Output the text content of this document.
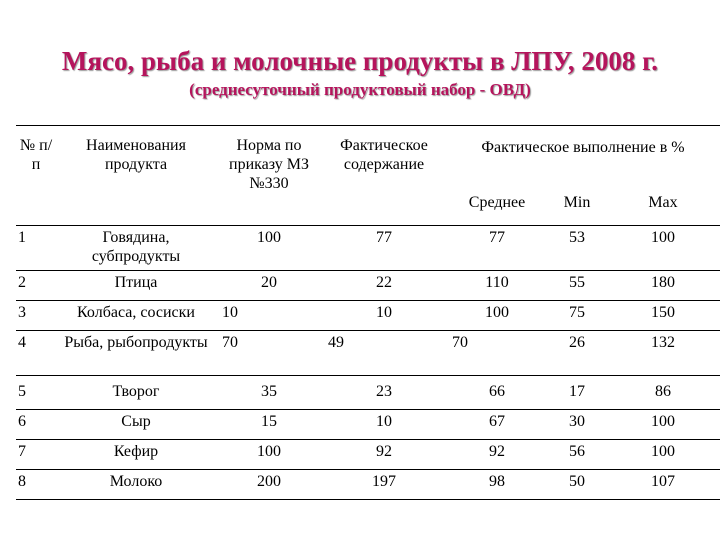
Мясо, рыба и молочные продукты в ЛПУ, 2008 г.
(среднесуточный продуктовый набор - ОВД)
№ п/п	Наименования продукта	Норма по приказу МЗ №330	Фактическое содержание	Фактическое выполнение в %		
				Среднее	Min	Max
1	Говядина, субпродукты	100	77	77	53	100
2	Птица	20	22	110	55	180
3	Колбаса, сосиски	10	10	100	75	150
4	Рыба, рыбопродукты	70	49	70	26	132
5	Творог	35	23	66	17	86
6	Сыр	15	10	67	30	100
7	Кефир	100	92	92	56	100
8	Молоко	200	197	98	50	107
